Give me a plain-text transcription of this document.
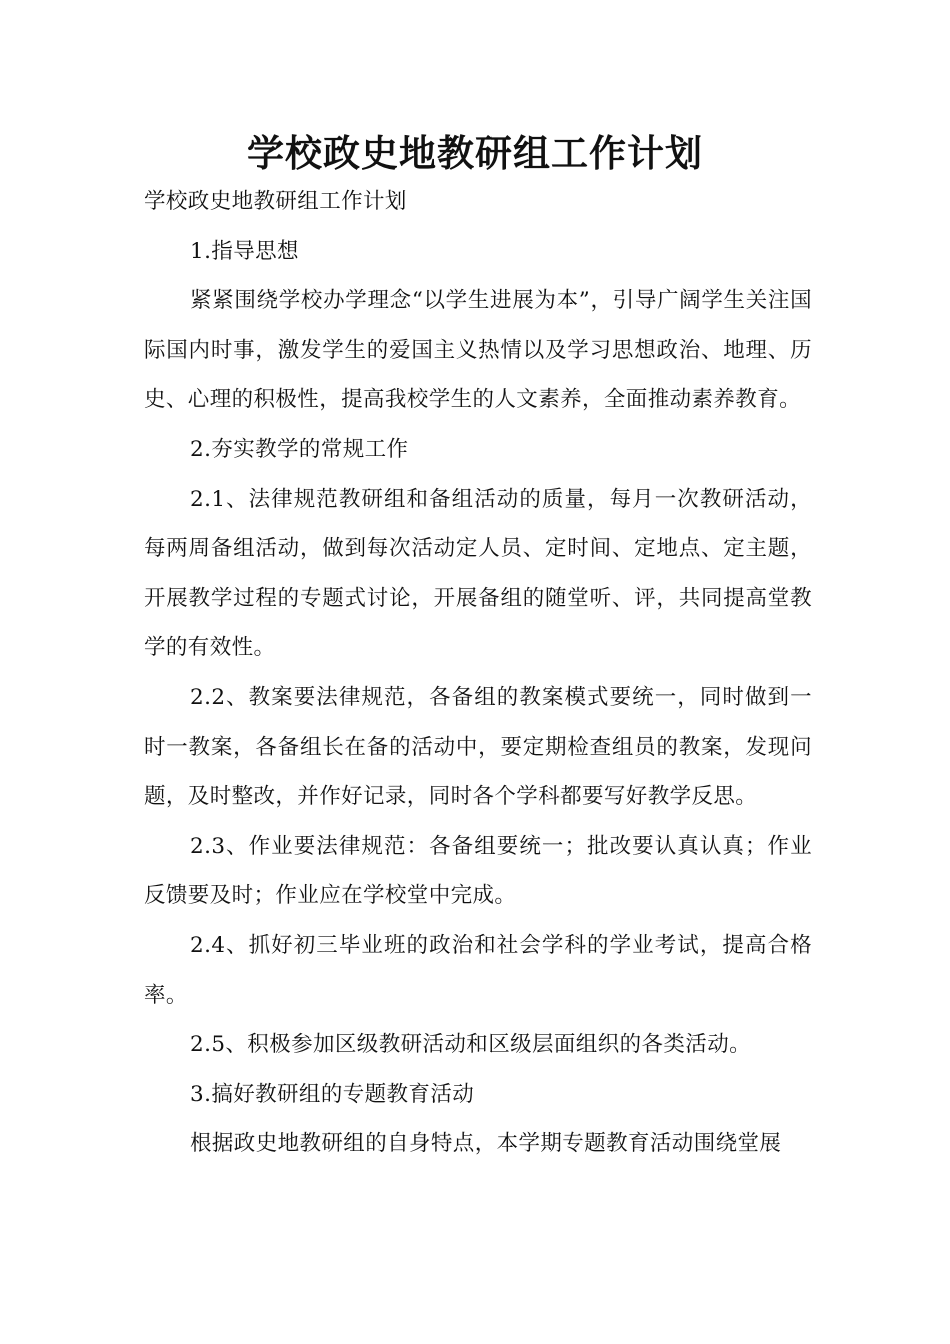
学校政史地教研组工作计划

学校政史地教研组工作计划

1.指导思想

紧紧围绕学校办学理念“以学生进展为本”，引导广阔学生关注国际国内时事，激发学生的爱国主义热情以及学习思想政治、地理、历史、心理的积极性，提高我校学生的人文素养，全面推动素养教育。

2.夯实教学的常规工作

2.1、法律规范教研组和备组活动的质量，每月一次教研活动，每两周备组活动，做到每次活动定人员、定时间、定地点、定主题，开展教学过程的专题式讨论，开展备组的随堂听、评，共同提高堂教学的有效性。

2.2、教案要法律规范，各备组的教案模式要统一，同时做到一时一教案，各备组长在备的活动中，要定期检查组员的教案，发现问题，及时整改，并作好记录，同时各个学科都要写好教学反思。

2.3、作业要法律规范：各备组要统一；批改要认真认真；作业反馈要及时；作业应在学校堂中完成。

2.4、抓好初三毕业班的政治和社会学科的学业考试，提高合格率。

2.5、积极参加区级教研活动和区级层面组织的各类活动。

3.搞好教研组的专题教育活动

根据政史地教研组的自身特点，本学期专题教育活动围绕堂展
